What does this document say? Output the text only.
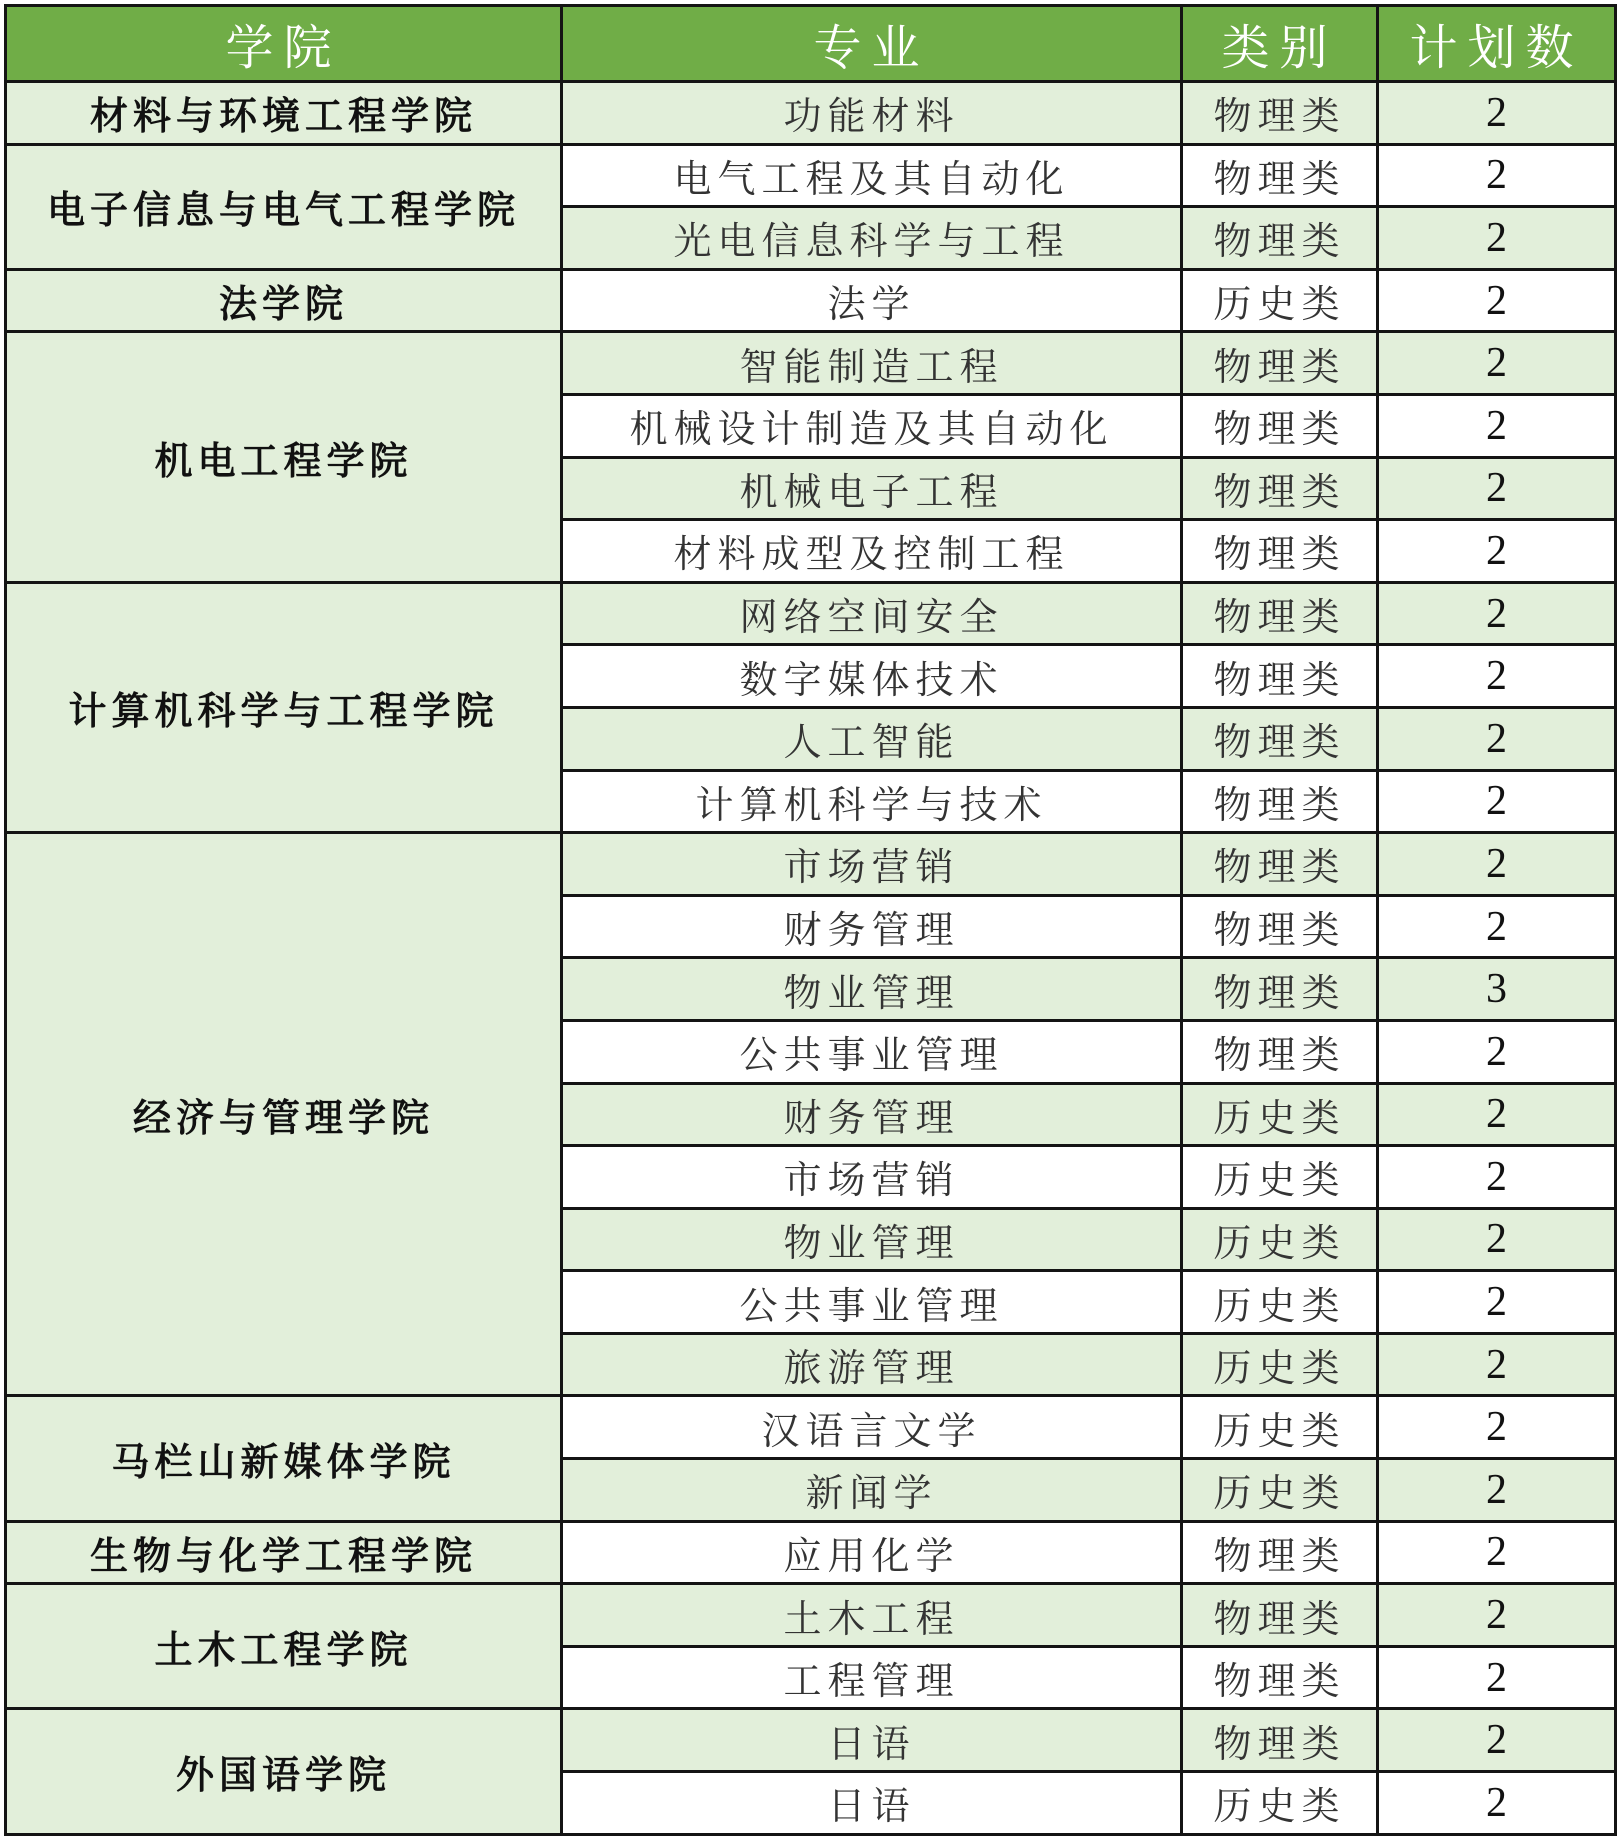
学院	专业	类别	计划数
材料与环境工程学院	功能材料	物理类	2
电子信息与电气工程学院	电气工程及其自动化	物理类	2
	光电信息科学与工程	物理类	2
法学院	法学	历史类	2
机电工程学院	智能制造工程	物理类	2
	机械设计制造及其自动化	物理类	2
	机械电子工程	物理类	2
	材料成型及控制工程	物理类	2
计算机科学与工程学院	网络空间安全	物理类	2
	数字媒体技术	物理类	2
	人工智能	物理类	2
	计算机科学与技术	物理类	2
经济与管理学院	市场营销	物理类	2
	财务管理	物理类	2
	物业管理	物理类	3
	公共事业管理	物理类	2
	财务管理	历史类	2
	市场营销	历史类	2
	物业管理	历史类	2
	公共事业管理	历史类	2
	旅游管理	历史类	2
马栏山新媒体学院	汉语言文学	历史类	2
	新闻学	历史类	2
生物与化学工程学院	应用化学	物理类	2
土木工程学院	土木工程	物理类	2
	工程管理	物理类	2
外国语学院	日语	物理类	2
	日语	历史类	2
